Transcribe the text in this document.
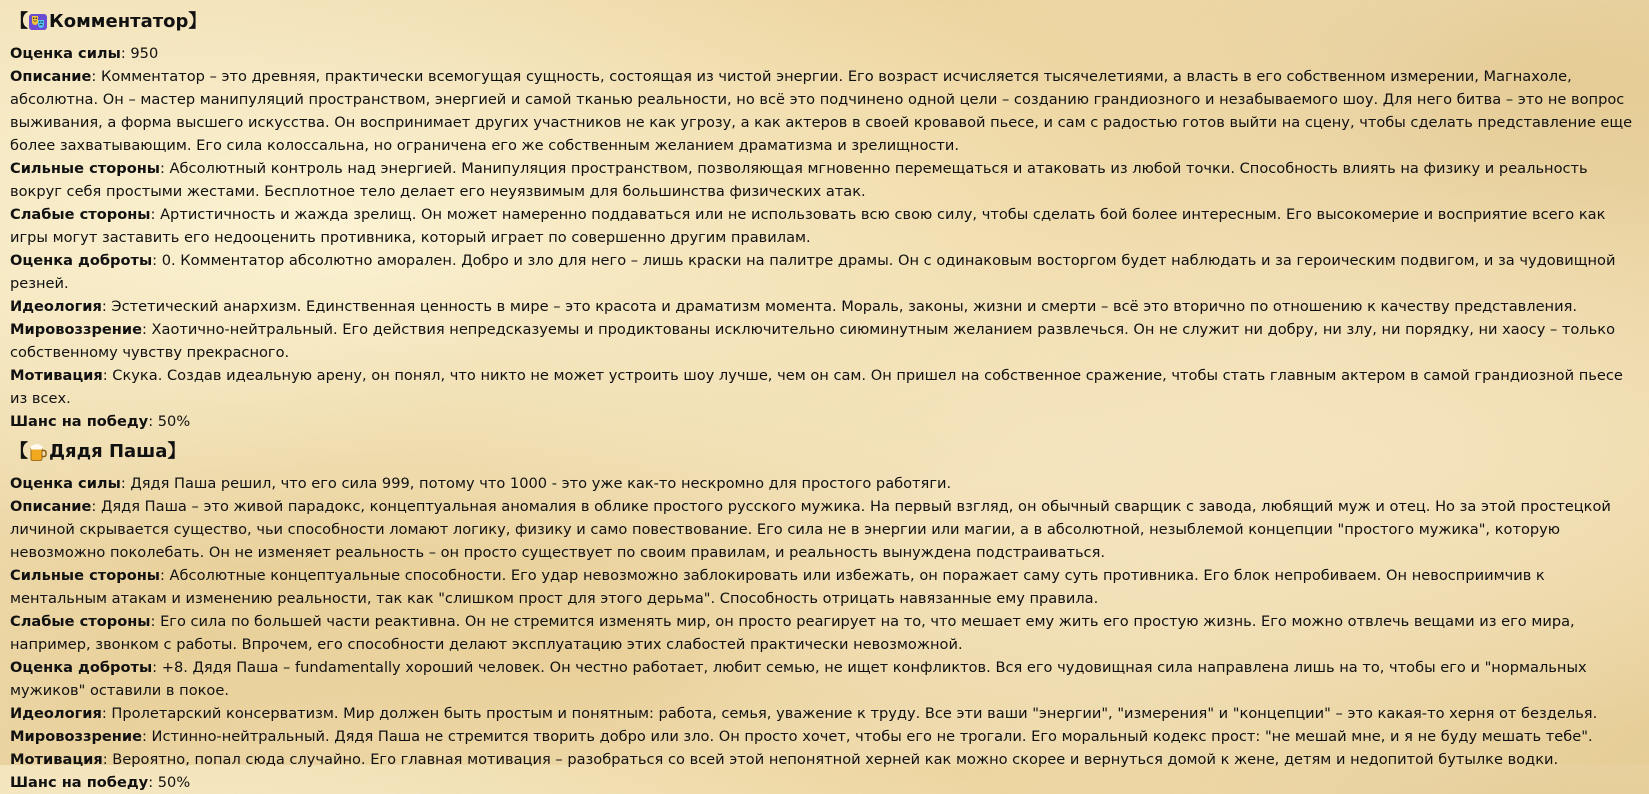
【 Комментатор 】

Оценка силы: 950

Описание: Комментатор – это древняя, практически всемогущая сущность, состоящая из чистой энергии. Его возраст исчисляется тысячелетиями, а власть в его собственном измерении, Магнахоле, абсолютна. Он – мастер манипуляций пространством, энергией и самой тканью реальности, но всё это подчинено одной цели – созданию грандиозного и незабываемого шоу. Для него битва – это не вопрос выживания, а форма высшего искусства. Он воспринимает других участников не как угрозу, а как актеров в своей кровавой пьесе, и сам с радостью готов выйти на сцену, чтобы сделать представление еще более захватывающим. Его сила колоссальна, но ограничена его же собственным желанием драматизма и зрелищности.

Сильные стороны: Абсолютный контроль над энергией. Манипуляция пространством, позволяющая мгновенно перемещаться и атаковать из любой точки. Способность влиять на физику и реальность вокруг себя простыми жестами. Бесплотное тело делает его неуязвимым для большинства физических атак.

Слабые стороны: Артистичность и жажда зрелищ. Он может намеренно поддаваться или не использовать всю свою силу, чтобы сделать бой более интересным. Его высокомерие и восприятие всего как игры могут заставить его недооценить противника, который играет по совершенно другим правилам.

Оценка доброты: 0. Комментатор абсолютно аморален. Добро и зло для него – лишь краски на палитре драмы. Он с одинаковым восторгом будет наблюдать и за героическим подвигом, и за чудовищной резней.

Идеология: Эстетический анархизм. Единственная ценность в мире – это красота и драматизм момента. Мораль, законы, жизни и смерти – всё это вторично по отношению к качеству представления.

Мировоззрение: Хаотично-нейтральный. Его действия непредсказуемы и продиктованы исключительно сиюминутным желанием развлечься. Он не служит ни добру, ни злу, ни порядку, ни хаосу – только собственному чувству прекрасного.

Мотивация: Скука. Создав идеальную арену, он понял, что никто не может устроить шоу лучше, чем он сам. Он пришел на собственное сражение, чтобы стать главным актером в самой грандиозной пьесе из всех.

Шанс на победу: 50%

【 Дядя Паша 】

Оценка силы: Дядя Паша решил, что его сила 999, потому что 1000 - это уже как-то нескромно для простого работяги.

Описание: Дядя Паша – это живой парадокс, концептуальная аномалия в облике простого русского мужика. На первый взгляд, он обычный сварщик с завода, любящий муж и отец. Но за этой простецкой личиной скрывается существо, чьи способности ломают логику, физику и само повествование. Его сила не в энергии или магии, а в абсолютной, незыблемой концепции "простого мужика", которую невозможно поколебать. Он не изменяет реальность – он просто существует по своим правилам, и реальность вынуждена подстраиваться.

Сильные стороны: Абсолютные концептуальные способности. Его удар невозможно заблокировать или избежать, он поражает саму суть противника. Его блок непробиваем. Он невосприимчив к ментальным атакам и изменению реальности, так как "слишком прост для этого дерьма". Способность отрицать навязанные ему правила.

Слабые стороны: Его сила по большей части реактивна. Он не стремится изменять мир, он просто реагирует на то, что мешает ему жить его простую жизнь. Его можно отвлечь вещами из его мира, например, звонком с работы. Впрочем, его способности делают эксплуатацию этих слабостей практически невозможной.

Оценка доброты: +8. Дядя Паша – fundamentally хороший человек. Он честно работает, любит семью, не ищет конфликтов. Вся его чудовищная сила направлена лишь на то, чтобы его и "нормальных мужиков" оставили в покое.

Идеология: Пролетарский консерватизм. Мир должен быть простым и понятным: работа, семья, уважение к труду. Все эти ваши "энергии", "измерения" и "концепции" – это какая-то херня от безделья.

Мировоззрение: Истинно-нейтральный. Дядя Паша не стремится творить добро или зло. Он просто хочет, чтобы его не трогали. Его моральный кодекс прост: "не мешай мне, и я не буду мешать тебе".

Мотивация: Вероятно, попал сюда случайно. Его главная мотивация – разобраться со всей этой непонятной херней как можно скорее и вернуться домой к жене, детям и недопитой бутылке водки.

Шанс на победу: 50%
